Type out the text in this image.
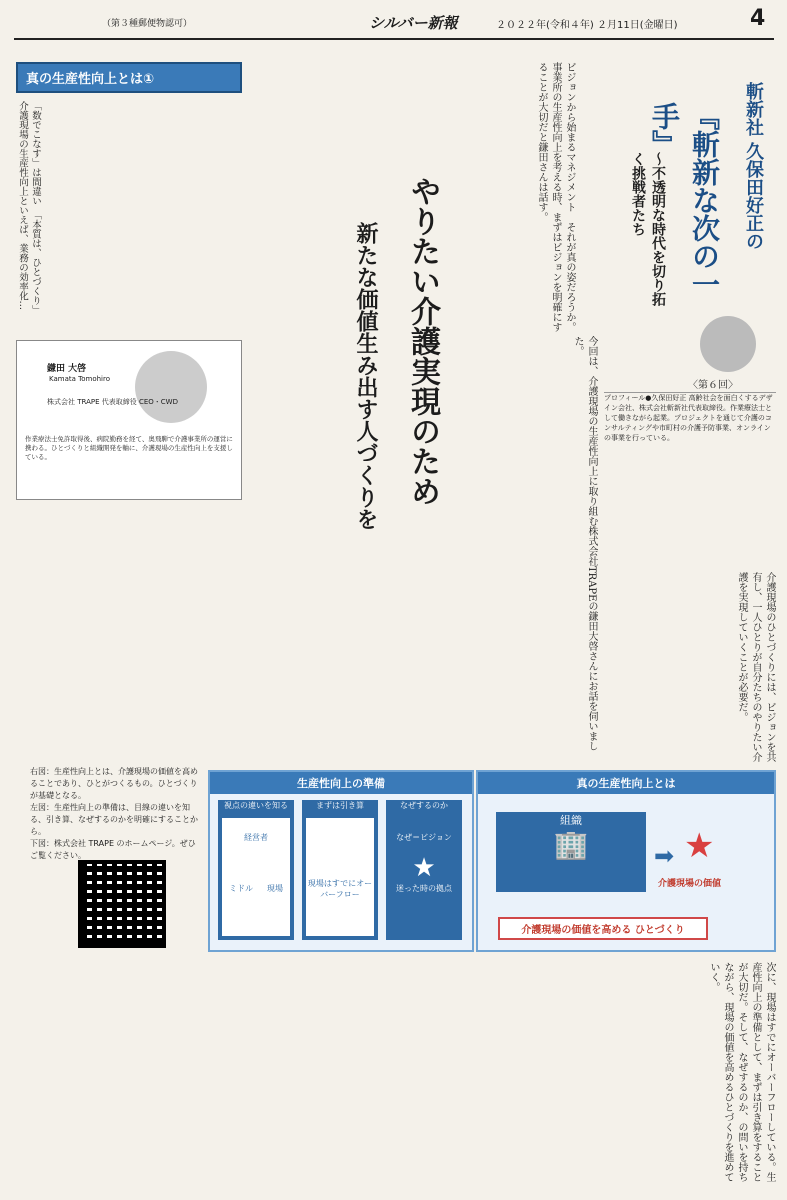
（第３種郵便物認可）	シルバー新報	２０２２年(令和４年) ２月11日(金曜日)	4
真の生産性向上とは①
「数でこなす」は間違い　「本質は、ひとづくり」　介護現場の生産性向上といえば、業務の効率化…
鎌田 大啓
Kamata Tomohiro
株式会社 TRAPE 代表取締役 CEO・CWD
作業療法士免許取得後、病院勤務を経て、奥飛騨で介護事業所の運営に携わる。ひとづくりと組織開発を軸に、介護現場の生産性向上を支援している。
ビジョンから始まるマネジメント　それが真の姿だろうか。事業所の生産性向上を考える時、まずはビジョンを明確にすることが大切だと鎌田さんは話す。	斬新社 久保田好正の
『斬新な次の一手』
〜不透明な時代を切り拓く挑戦者たち
〈第６回〉
プロフィール●久保田好正 高齢社会を面白くするデザイン会社、株式会社斬新社代表取締役。作業療法士として働きながら起業。プロジェクトを通じて介護のコンサルティングや市町村の介護予防事業、オンラインの事業を行っている。
やりたい介護実現のため
新たな価値生み出す人づくりを	今回は、介護現場の生産性向上に取り組む株式会社TRAPEの鎌田大啓さんにお話を伺いました。
介護現場のひとづくりには、ビジョンを共有し、一人ひとりが自分たちのやりたい介護を実現していくことが必要だ。
右図：生産性向上とは、介護現場の価値を高めることであり、ひとがつくるもの。ひとづくりが基礎となる。
左図：生産性向上の準備は、目線の違いを知る、引き算、なぜするのかを明確にすることから。
下図：株式会社 TRAPE のホームページ。ぜひご覧ください。
生産性向上の準備
視点の違いを知る
経営者
ミドル 現場
まずは引き算
現場はすでにオーバーフロー
なぜするのか
なぜ＝ビジョン
★
迷った時の拠点
真の生産性向上とは
組織
🏢	➡ ★
介護現場の価値
介護現場の価値を高める ひとづくり
次に、現場はすでにオーバーフローしている。生産性向上の準備として、まずは引き算をすることが大切だ。そして、なぜするのか、の問いを持ちながら、現場の価値を高めるひとづくりを進めていく。
